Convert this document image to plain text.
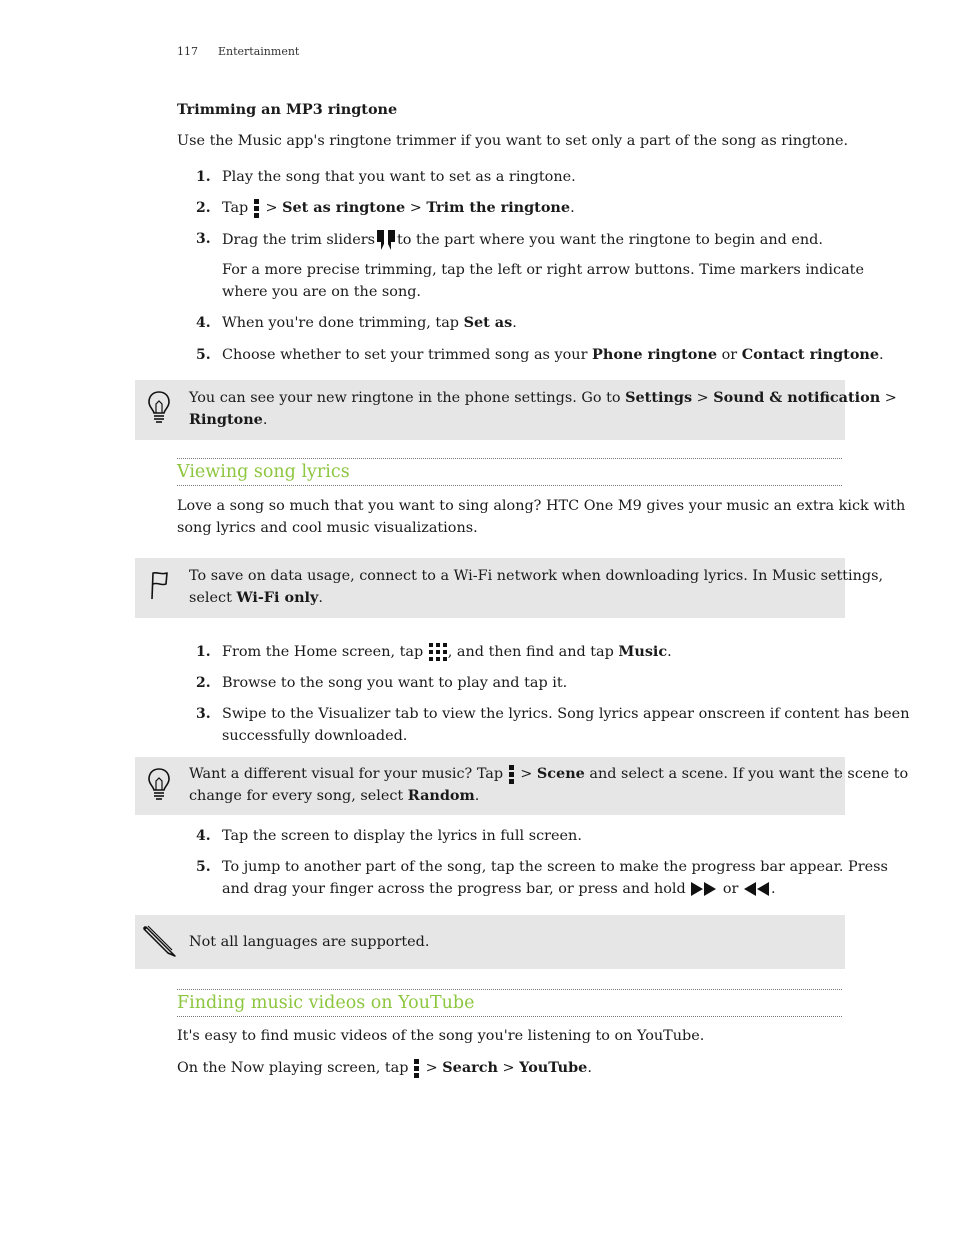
117 Entertainment
Trimming an MP3 ringtone
Use the Music app's ringtone trimmer if you want to set only a part of the song as ringtone.
1. Play the song that you want to set as a ringtone.
2. Tap > Set as ringtone > Trim the ringtone.
3. Drag the trim sliders to the part where you want the ringtone to begin and end.
For a more precise trimming, tap the left or right arrow buttons. Time markers indicate
where you are on the song.
4. When you're done trimming, tap Set as.
5. Choose whether to set your trimmed song as your Phone ringtone or Contact ringtone.
You can see your new ringtone in the phone settings. Go to Settings > Sound & notification >
Ringtone.
Viewing song lyrics
Love a song so much that you want to sing along? HTC One M9 gives your music an extra kick with
song lyrics and cool music visualizations.
To save on data usage, connect to a Wi-Fi network when downloading lyrics. In Music settings,
select Wi-Fi only.
1. From the Home screen, tap , and then find and tap Music.
2. Browse to the song you want to play and tap it.
3. Swipe to the Visualizer tab to view the lyrics. Song lyrics appear onscreen if content has been
successfully downloaded.
Want a different visual for your music? Tap > Scene and select a scene. If you want the scene to
change for every song, select Random.
4. Tap the screen to display the lyrics in full screen.
5. To jump to another part of the song, tap the screen to make the progress bar appear. Press
and drag your finger across the progress bar, or press and hold	or .
Not all languages are supported.
Finding music videos on YouTube
It's easy to find music videos of the song you're listening to on YouTube.
On the Now playing screen, tap > Search > YouTube.
